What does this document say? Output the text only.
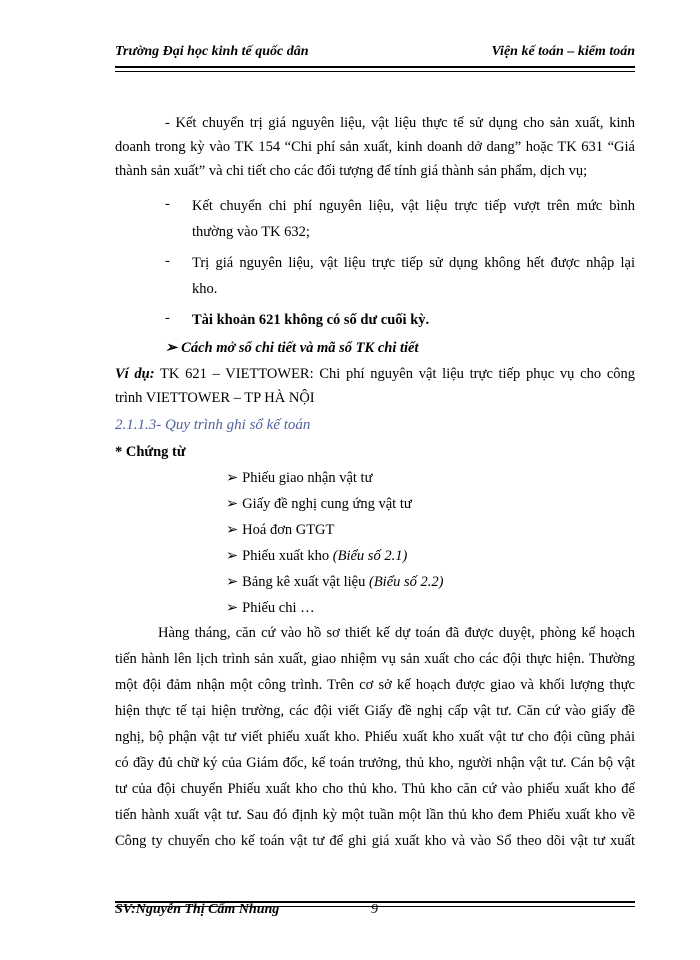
Trường Đại học kinh tế quốc dân	Viện kế toán – kiểm toán
- Kết chuyển trị giá nguyên liệu, vật liệu thực tế sử dụng cho sản xuất, kinh
doanh trong kỳ vào TK 154 “Chi phí sản xuất, kinh doanh dở dang” hoặc TK 631 “Giá
thành sản xuất” và chi tiết cho các đối tượng để tính giá thành sản phẩm, dịch vụ;
- Kết chuyển chi phí nguyên liệu, vật liệu trực tiếp vượt trên mức bình
thường vào TK 632;
- Trị giá nguyên liệu, vật liệu trực tiếp sử dụng không hết được nhập lại
kho.
- Tài khoản 621 không có số dư cuối kỳ.
➢ Cách mở sổ chi tiết và mã sổ TK chi tiết
Ví dụ: TK 621 – VIETTOWER: Chi phí nguyên vật liệu trực tiếp phục vụ cho công
trình VIETTOWER – TP HÀ NỘI
2.1.1.3- Quy trình ghi sổ kế toán
* Chứng từ
➢ Phiếu giao nhận vật tư
➢ Giấy đề nghị cung ứng vật tư
➢ Hoá đơn GTGT
➢ Phiếu xuất kho (Biểu số 2.1)
➢ Bảng kê xuất vật liệu (Biểu số 2.2)
➢ Phiếu chi …
Hàng tháng, căn cứ vào hồ sơ thiết kế dự toán đã được duyệt, phòng kế hoạch
tiến hành lên lịch trình sản xuất, giao nhiệm vụ sản xuất cho các đội thực hiện. Thường
một đội đảm nhận một công trình. Trên cơ sở kế hoạch được giao và khối lượng thực
hiện thực tế tại hiện trường, các đội viết Giấy đề nghị cấp vật tư. Căn cứ vào giấy đề
nghị, bộ phận vật tư viết phiếu xuất kho. Phiếu xuất kho xuất vật tư cho đội cũng phải
có đầy đủ chữ ký của Giám đốc, kế toán trưởng, thủ kho, người nhận vật tư. Cán bộ vật
tư của đội chuyển Phiếu xuất kho cho thủ kho. Thủ kho căn cứ vào phiếu xuất kho để
tiến hành xuất vật tư. Sau đó định kỳ một tuần một lần thủ kho đem Phiếu xuất kho về
Công ty chuyển cho kế toán vật tư để ghi giá xuất kho và vào Sổ theo dõi vật tư xuất
SV:Nguyễn Thị Cẩm Nhung	9
